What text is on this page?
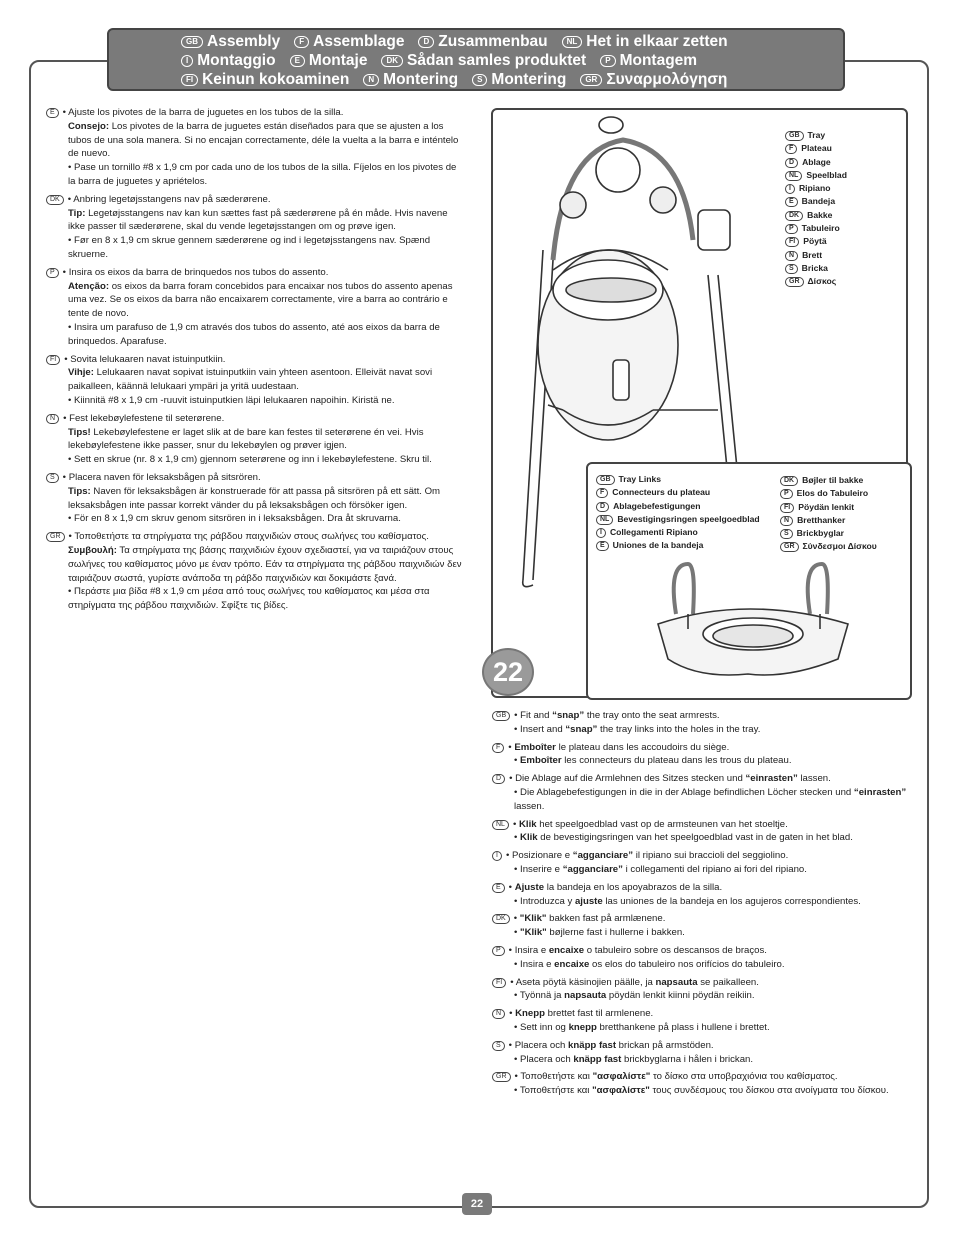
GB Assembly F Assemblage D Zusammenbau NL Het in elkaar zetten
I Montaggio E Montaje DK Sådan samles produktet P Montagem
FI Keinun kokoaminen N Montering S Montering GR Συναρμολόγηση

E • Ajuste los pivotes de la barra de juguetes en los tubos de la silla.

Consejo: Los pivotes de la barra de juguetes están diseñados para que se ajusten a los tubos de una sola manera. Si no encajan correctamente, déle la vuelta a la barra e inténtelo de nuevo.

• Pase un tornillo #8 x 1,9 cm por cada uno de los tubos de la silla. Fíjelos en los pivotes de la barra de juguetes y apriételos.

DK • Anbring legetøjsstangens nav på sæderørene.

Tip: Legetøjsstangens nav kan kun sættes fast på sæderørene på én måde. Hvis navene ikke passer til sæderørene, skal du vende legetøjsstangen om og prøve igen.

• Før en 8 x 1,9 cm skrue gennem sæderørene og ind i legetøjsstangens nav. Spænd skruerne.

P • Insira os eixos da barra de brinquedos nos tubos do assento.

Atenção: os eixos da barra foram concebidos para encaixar nos tubos do assento apenas uma vez. Se os eixos da barra não encaixarem correctamente, vire a barra ao contrário e tente de novo.

• Insira um parafuso de 1,9 cm através dos tubos do assento, até aos eixos da barra de brinquedos. Aparafuse.

FI • Sovita lelukaaren navat istuinputkiin.

Vihje: Lelukaaren navat sopivat istuinputkiin vain yhteen asentoon. Elleivät navat sovi paikalleen, käännä lelukaari ympäri ja yritä uudestaan.

• Kiinnitä #8 x 1,9 cm -ruuvit istuinputkien läpi lelukaaren napoihin. Kiristä ne.

N • Fest lekebøylefestene til seterørene.

Tips! Lekebøylefestene er laget slik at de bare kan festes til seterørene én vei. Hvis lekebøylefestene ikke passer, snur du lekebøylen og prøver igjen.

• Sett en skrue (nr. 8 x 1,9 cm) gjennom seterørene og inn i lekebøylefestene. Skru til.

S • Placera naven för leksaksbågen på sitsrören.

Tips: Naven för leksaksbågen är konstruerade för att passa på sitsrören på ett sätt. Om leksaksbågen inte passar korrekt vänder du på leksaksbågen och försöker igen.

• För en 8 x 1,9 cm skruv genom sitsrören in i leksaksbågen. Dra åt skruvarna.

GR • Τοποθετήστε τα στηρίγματα της ράβδου παιχνιδιών στους σωλήνες του καθίσματος.

Συμβουλή: Τα στηρίγματα της βάσης παιχνιδιών έχουν σχεδιαστεί, για να ταιριάζουν στους σωλήνες του καθίσματος μόνο με έναν τρόπο. Εάν τα στηρίγματα της ράβδου παιχνιδιών δεν ταιριάζουν σωστά, γυρίστε ανάποδα τη ράβδο παιχνιδιών και δοκιμάστε ξανά.

• Περάστε μια βίδα #8 x 1,9 cm μέσα από τους σωλήνες του καθίσματος και μέσα στα στηρίγματα της ράβδου παιχνιδιών. Σφίξτε τις βίδες.

GB Tray
F Plateau
D Ablage
NL Speelblad
I Ripiano
E Bandeja
DK Bakke
P Tabuleiro
FI Pöytä
N Brett
S Bricka
GR Δίσκος
GB Tray Links
F Connecteurs du plateau
D Ablagebefestigungen
NL Bevestigingsringen speelgoedblad
I Collegamenti Ripiano
E Uniones de la bandeja
DK Bøjler til bakke
P Elos do Tabuleiro
FI Pöydän lenkit
N Bretthanker
S Brickbyglar
GR Σύνδεσμοι Δίσκου
22

GB • Fit and “snap” the tray onto the seat armrests.

• Insert and “snap” the tray links into the holes in the tray.

F • Emboîter le plateau dans les accoudoirs du siège.

• Emboîter les connecteurs du plateau dans les trous du plateau.

D • Die Ablage auf die Armlehnen des Sitzes stecken und “einrasten” lassen.

• Die Ablagebefestigungen in die in der Ablage befindlichen Löcher stecken und “einrasten” lassen.

NL • Klik het speelgoedblad vast op de armsteunen van het stoeltje.

• Klik de bevestigingsringen van het speelgoedblad vast in de gaten in het blad.

I • Posizionare e “agganciare” il ripiano sui braccioli del seggiolino.

• Inserire e “agganciare” i collegamenti del ripiano ai fori del ripiano.

E • Ajuste la bandeja en los apoyabrazos de la silla.

• Introduzca y ajuste las uniones de la bandeja en los agujeros correspondientes.

DK • "Klik" bakken fast på armlænene.

• "Klik" bøjlerne fast i hullerne i bakken.

P • Insira e encaixe o tabuleiro sobre os descansos de braços.

• Insira e encaixe os elos do tabuleiro nos orifícios do tabuleiro.

FI • Aseta pöytä käsinojien päälle, ja napsauta se paikalleen.

• Työnnä ja napsauta pöydän lenkit kiinni pöydän reikiin.

N • Knepp brettet fast til armlenene.

• Sett inn og knepp bretthankene på plass i hullene i brettet.

S • Placera och knäpp fast brickan på armstöden.

• Placera och knäpp fast brickbyglarna i hålen i brickan.

GR • Τοποθετήστε και "ασφαλίστε" το δίσκο στα υποβραχιόνια του καθίσματος.

• Τοποθετήστε και "ασφαλίστε" τους συνδέσμους του δίσκου στα ανοίγματα του δίσκου.

22
